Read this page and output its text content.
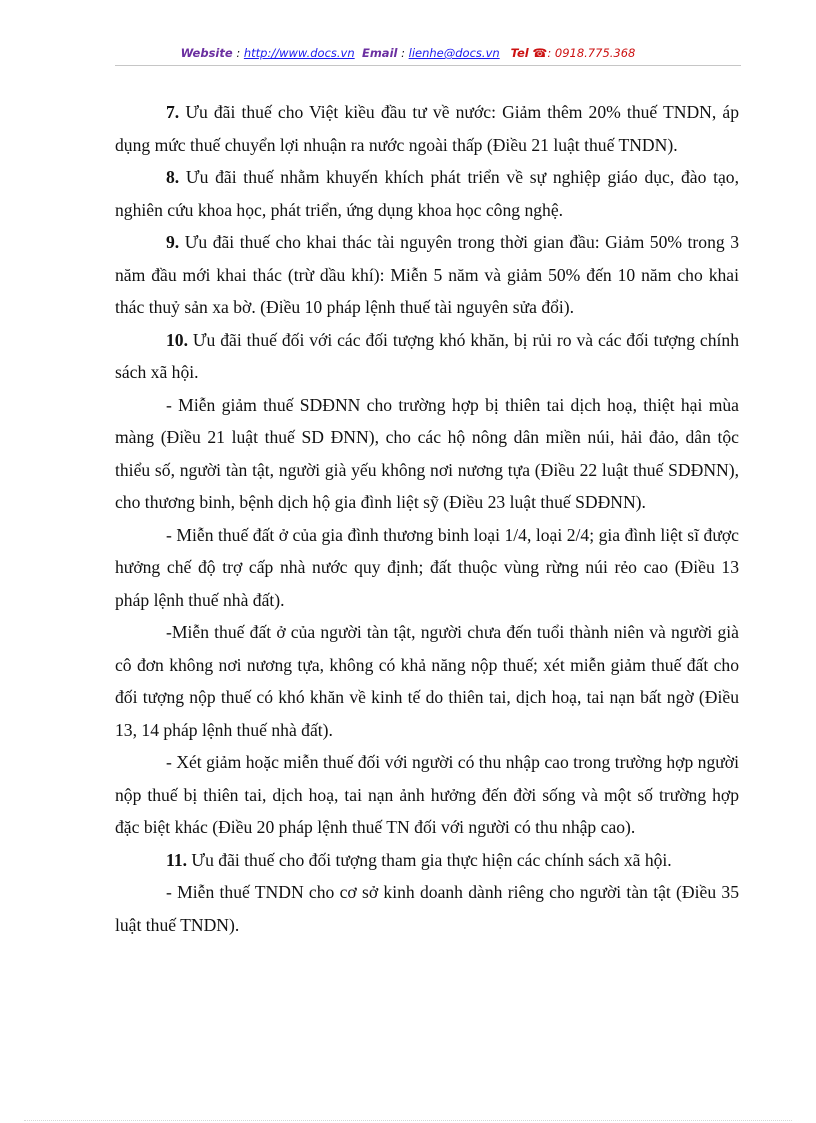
Website : http://www.docs.vn Email : lienhe@docs.vn Tel ☎: 0918.775.368

7. Ưu đãi thuế cho Việt kiều đầu tư về nước: Giảm thêm 20% thuế TNDN, áp dụng mức thuế chuyển lợi nhuận ra nước ngoài thấp (Điều 21 luật thuế TNDN).

8. Ưu đãi thuế nhằm khuyến khích phát triển về sự nghiệp giáo dục, đào tạo, nghiên cứu khoa học, phát triển, ứng dụng khoa học công nghệ.

9. Ưu đãi thuế cho khai thác tài nguyên trong thời gian đầu: Giảm 50% trong 3 năm đầu mới khai thác (trừ dầu khí): Miễn 5 năm và giảm 50% đến 10 năm cho khai thác thuỷ sản xa bờ. (Điều 10 pháp lệnh thuế tài nguyên sửa đổi).

10. Ưu đãi thuế đối với các đối tượng khó khăn, bị rủi ro và các đối tượng chính sách xã hội.

- Miễn giảm thuế SDĐNN cho trường hợp bị thiên tai dịch hoạ, thiệt hại mùa màng (Điều 21 luật thuế SD ĐNN), cho các hộ nông dân miền núi, hải đảo, dân tộc thiểu số, người tàn tật, người già yếu không nơi nương tựa (Điều 22 luật thuế SDĐNN), cho thương binh, bệnh dịch hộ gia đình liệt sỹ (Điều 23 luật thuế SDĐNN).

- Miễn thuế đất ở của gia đình thương binh loại 1/4, loại 2/4; gia đình liệt sĩ được hưởng chế độ trợ cấp nhà nước quy định; đất thuộc vùng rừng núi rẻo cao (Điều 13 pháp lệnh thuế nhà đất).

-Miễn thuế đất ở của người tàn tật, người chưa đến tuổi thành niên và người già cô đơn không nơi nương tựa, không có khả năng nộp thuế; xét miễn giảm thuế đất cho đối tượng nộp thuế có khó khăn về kinh tế do thiên tai, dịch hoạ, tai nạn bất ngờ (Điều 13, 14 pháp lệnh thuế nhà đất).

- Xét giảm hoặc miễn thuế đối với người có thu nhập cao trong trường hợp người nộp thuế bị thiên tai, dịch hoạ, tai nạn ảnh hưởng đến đời sống và một số trường hợp đặc biệt khác (Điều 20 pháp lệnh thuế TN đối với người có thu nhập cao).

11. Ưu đãi thuế cho đối tượng tham gia thực hiện các chính sách xã hội.

- Miễn thuế TNDN cho cơ sở kinh doanh dành riêng cho người tàn tật (Điều 35 luật thuế TNDN).
